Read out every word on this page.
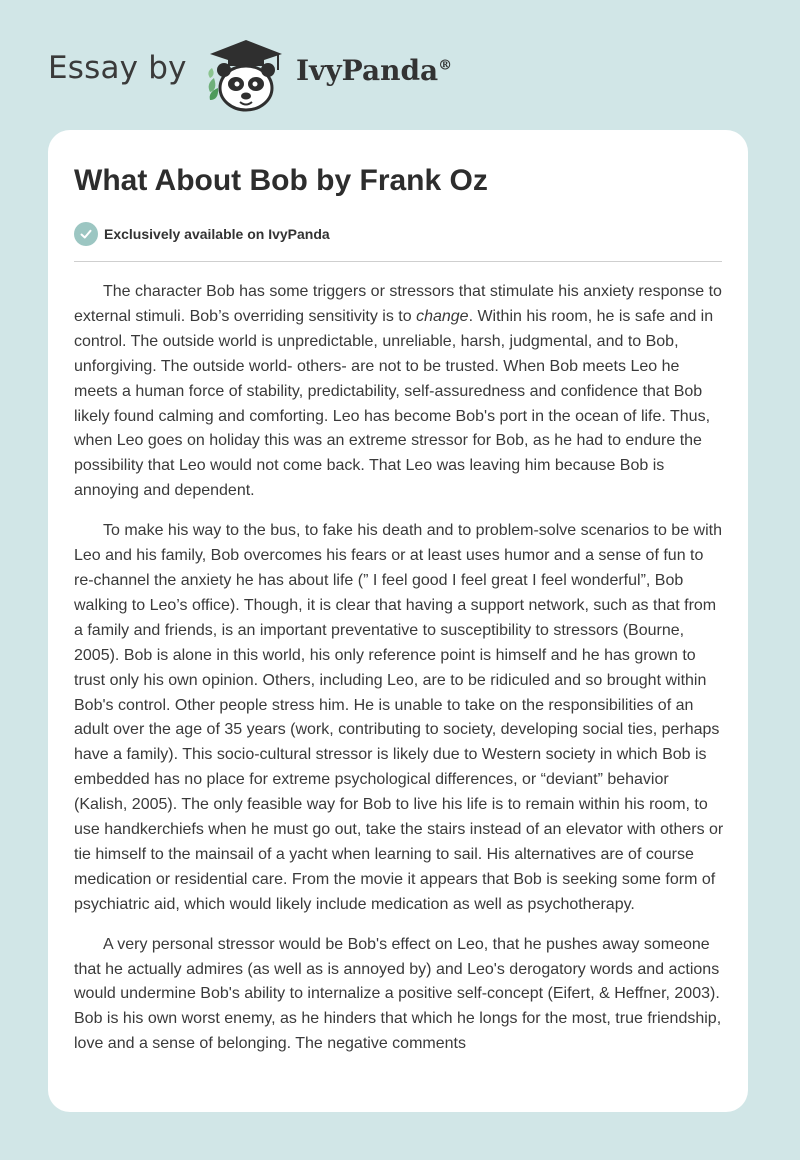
Essay by	IvyPanda®
What About Bob by Frank Oz
Exclusively available on IvyPanda

The character Bob has some triggers or stressors that stimulate his anxiety response to external stimuli. Bob’s overriding sensitivity is to change. Within his room, he is safe and in control. The outside world is unpredictable, unreliable, harsh, judgmental, and to Bob, unforgiving. The outside world- others- are not to be trusted. When Bob meets Leo he meets a human force of stability, predictability, self-assuredness and confidence that Bob likely found calming and comforting. Leo has become Bob's port in the ocean of life. Thus, when Leo goes on holiday this was an extreme stressor for Bob, as he had to endure the possibility that Leo would not come back. That Leo was leaving him because Bob is annoying and dependent.

To make his way to the bus, to fake his death and to problem-solve scenarios to be with Leo and his family, Bob overcomes his fears or at least uses humor and a sense of fun to re-channel the anxiety he has about life (” I feel good I feel great I feel wonderful”, Bob walking to Leo’s office). Though, it is clear that having a support network, such as that from a family and friends, is an important preventative to susceptibility to stressors (Bourne, 2005). Bob is alone in this world, his only reference point is himself and he has grown to trust only his own opinion. Others, including Leo, are to be ridiculed and so brought within Bob's control. Other people stress him. He is unable to take on the responsibilities of an adult over the age of 35 years (work, contributing to society, developing social ties, perhaps have a family). This socio-cultural stressor is likely due to Western society in which Bob is embedded has no place for extreme psychological differences, or “deviant” behavior (Kalish, 2005). The only feasible way for Bob to live his life is to remain within his room, to use handkerchiefs when he must go out, take the stairs instead of an elevator with others or tie himself to the mainsail of a yacht when learning to sail. His alternatives are of course medication or residential care. From the movie it appears that Bob is seeking some form of psychiatric aid, which would likely include medication as well as psychotherapy.

A very personal stressor would be Bob's effect on Leo, that he pushes away someone that he actually admires (as well as is annoyed by) and Leo's derogatory words and actions would undermine Bob's ability to internalize a positive self-concept (Eifert, & Heffner, 2003). Bob is his own worst enemy, as he hinders that which he longs for the most, true friendship, love and a sense of belonging. The negative comments
